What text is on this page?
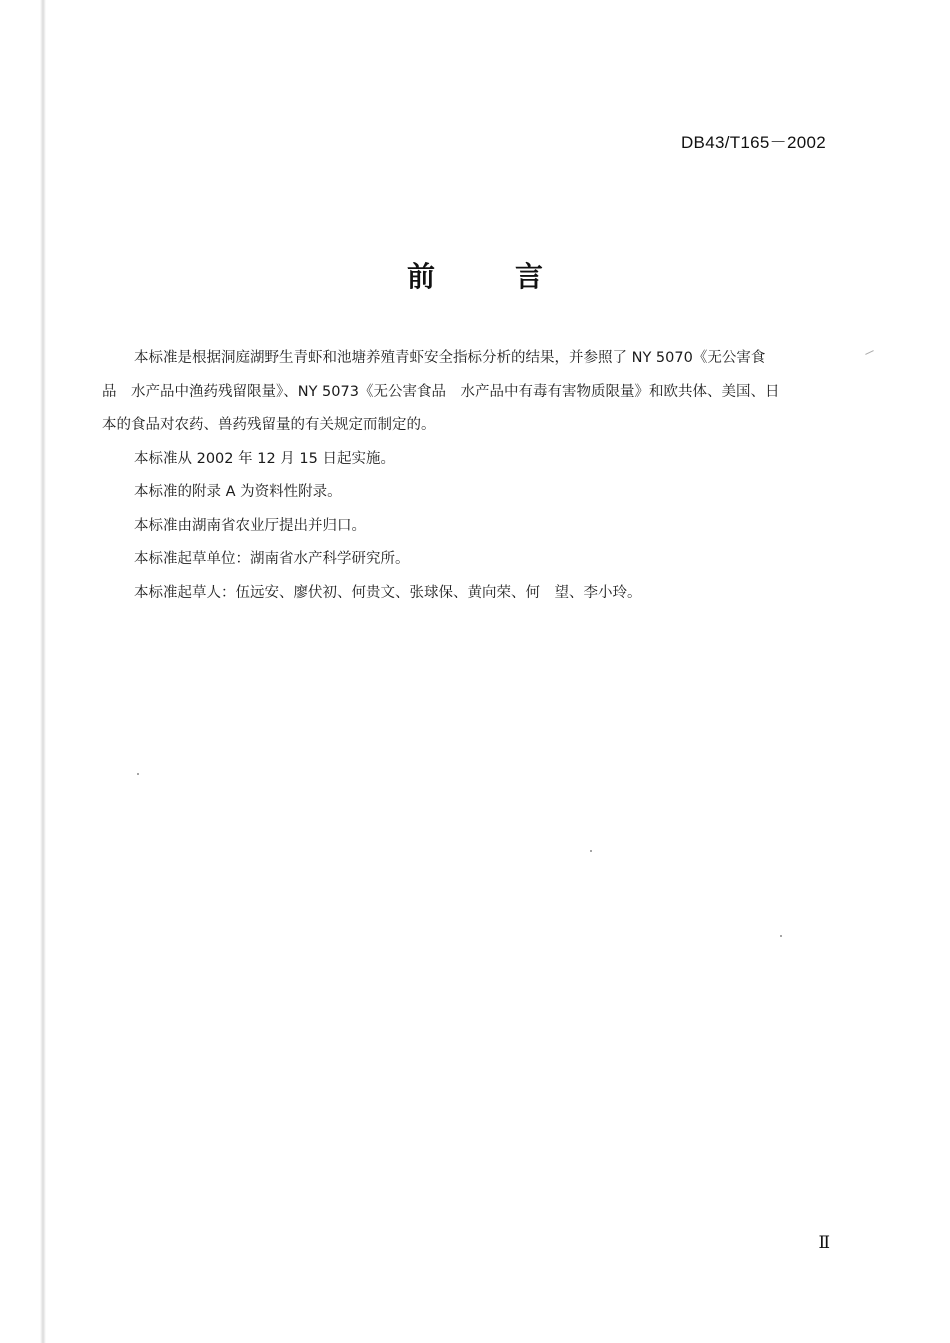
DB43/T165－2002
前言
本标准是根据洞庭湖野生青虾和池塘养殖青虾安全指标分析的结果，并参照了 NY 5070《无公害食
品　水产品中渔药残留限量》、NY 5073《无公害食品　水产品中有毒有害物质限量》和欧共体、美国、日
本的食品对农药、兽药残留量的有关规定而制定的。
本标准从 2002 年 12 月 15 日起实施。
本标准的附录 A 为资料性附录。
本标准由湖南省农业厅提出并归口。
本标准起草单位：湖南省水产科学研究所。
本标准起草人：伍远安、廖伏初、何贵文、张球保、黄向荣、何　望、李小玲。
Ⅱ
